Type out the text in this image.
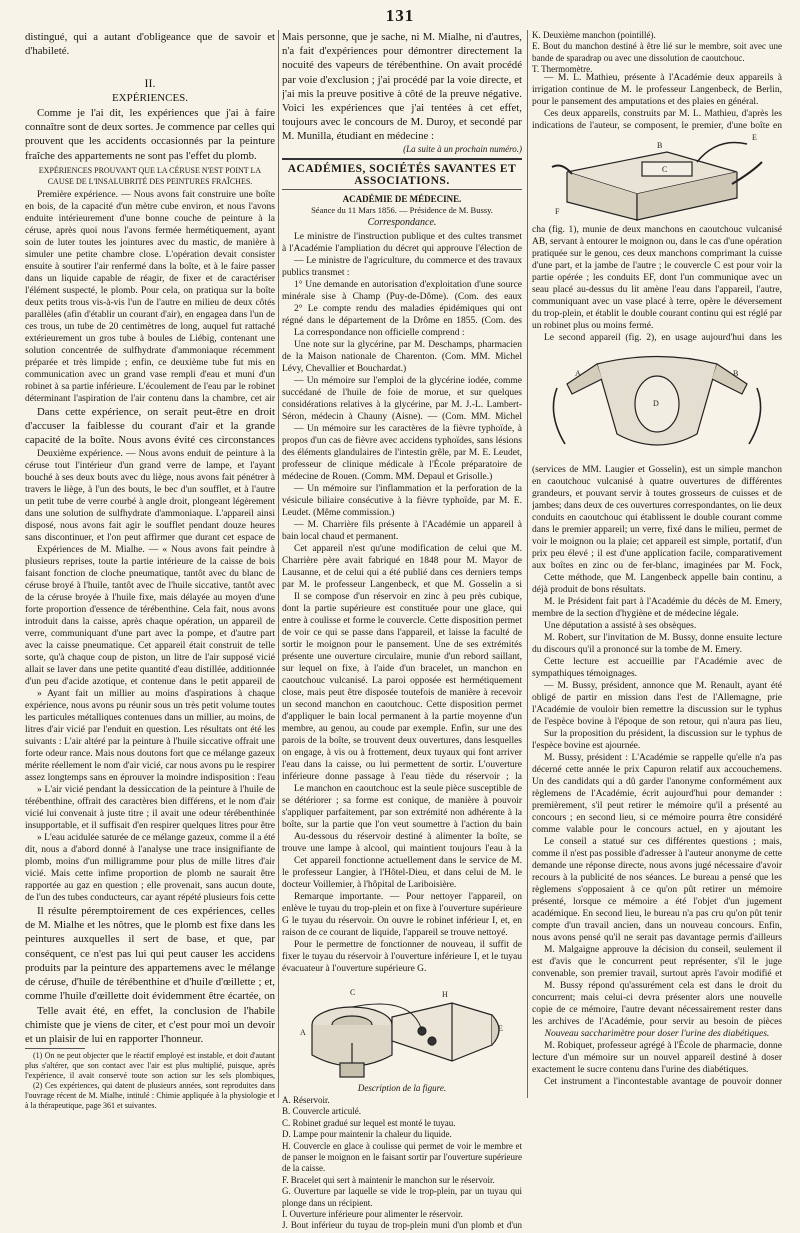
131

distingué, qui a autant d'obligeance que de savoir et d'habileté.

II.
EXPÉRIENCES.

Comme je l'ai dit, les expériences que j'ai à faire connaître sont de deux sortes. Je commence par celles qui prouvent que les accidents occasionnés par la peinture fraîche des appartements ne sont pas l'effet du plomb.

EXPÉRIENCES PROUVANT QUE LA CÉRUSE N'EST POINT LA CAUSE DE L'INSALUBRITÉ DES PEINTURES FRAÎCHES.

Première expérience. — Nous avons fait construire une boîte en bois, de la capacité d'un mètre cube environ, et nous l'avons enduite intérieurement d'une bonne couche de peinture à la céruse, après quoi nous l'avons fermée hermétiquement, ayant soin de luter toutes les jointures avec du mastic, de manière à simuler une petite chambre close. L'opération devait consister ensuite à soutirer l'air renfermé dans la boîte, et à le faire passer dans un liquide capable de réagir, de fixer et de caractériser l'élément suspecté, le plomb. Pour cela, on pratiqua sur la boîte deux petits trous vis-à-vis l'un de l'autre en milieu de deux côtés parallèles (afin d'établir un courant d'air), en engagea dans l'un de ces trous, un tube de 20 centimètres de long, auquel fut rattaché extérieurement un gros tube à boules de Liébig, contenant une solution concentrée de sulfhydrate d'ammoniaque récemment préparée et très limpide ; enfin, ce deuxième tube fut mis en communication avec un grand vase rempli d'eau et muni d'un robinet à sa partie inférieure. L'écoulement de l'eau par le robinet déterminant l'aspiration de l'air contenu dans la chambre, cet air

Dans cette expérience, on serait peut-être en droit d'accuser la faiblesse du courant d'air et la grande capacité de la boîte. Nous avons évité ces circonstances

Deuxième expérience. — Nous avons enduit de peinture à la céruse tout l'intérieur d'un grand verre de lampe, et l'ayant bouché à ses deux bouts avec du liège, nous avons fait pénétrer à travers le liège, à l'un des bouts, le bec d'un soufflet, et à l'autre un petit tube de verre courbé à angle droit, plongeant légèrement dans une solution de sulfhydrate d'ammoniaque. L'appareil ainsi disposé, nous avons fait agir le soufflet pendant douze heures sans discontinuer, et l'on peut affirmer que durant cet espace de

Expériences de M. Mialhe. — « Nous avons fait peindre à plusieurs reprises, toute la partie intérieure de la caisse de bois faisant fonction de cloche pneumatique, tantôt avec du blanc de céruse broyé à l'huile, tantôt avec de l'huile siccative, tantôt avec de la céruse broyée à l'huile fixe, mais délayée au moyen d'une forte proportion d'essence de térébenthine. Cela fait, nous avons introduit dans la caisse, après chaque opération, un appareil de verre, communiquant d'une part avec la pompe, et d'autre part avec la caisse pneumatique. Cet appareil était construit de telle sorte, qu'à chaque coup de piston, un litre de l'air supposé vicié allait se laver dans une petite quantité d'eau distillée, additionnée d'un peu d'acide azotique, et contenue dans le petit appareil de

» Ayant fait un millier au moins d'aspirations à chaque expérience, nous avons pu réunir sous un très petit volume toutes les particules métalliques contenues dans un millier, au moins, de litres d'air vicié par l'enduit en question. Les résultats ont été les suivants : L'air altéré par la peinture à l'huile siccative offrait une forte odeur rance. Mais nous doutons fort que ce mélange gazeux mérite réellement le nom d'air vicié, car nous avons pu le respirer assez longtemps sans en éprouver la moindre indisposition : l'eau

» L'air vicié pendant la dessiccation de la peinture à l'huile de térébenthine, offrait des caractères bien différens, et le nom d'air vicié lui convenait à juste titre ; il avait une odeur térébenthinée insupportable, et il suffisait d'en respirer quelques litres pour être

» L'eau acidulée saturée de ce mélange gazeux, comme il a été dit, nous a d'abord donné à l'analyse une trace insignifiante de plomb, moins d'un milligramme pour plus de mille litres d'air vicié. Mais cette infime proportion de plomb ne saurait être rapportée au gaz en question ; elle provenait, sans aucun doute, de l'un des tubes conducteurs, car ayant répété plusieurs fois cette

Il résulte péremptoirement de ces expériences, celles de M. Mialhe et les nôtres, que le plomb est fixe dans les peintures auxquelles il sert de base, et que, par conséquent, ce n'est pas lui qui peut causer les accidens produits par la peinture des appartemens avec le mélange de céruse, d'huile de térébenthine et d'huile d'œillette ; et, comme l'huile d'œillette doit évidemment être écartée, on

Telle avait été, en effet, la conclusion de l'habile chimiste que je viens de citer, et c'est pour moi un devoir et un plaisir de lui en rapporter l'honneur.

(1) On ne peut objecter que le réactif employé est instable, et doit d'autant plus s'altérer, que son contact avec l'air est plus multiplié, puisque, après l'expérience, il avait conservé toute son action sur les sels plombiques,

(2) Ces expériences, qui datent de plusieurs années, sont reproduites dans l'ouvrage récent de M. Mialhe, intitulé : Chimie appliquée à la physiologie et à la thérapeutique, page 361 et suivantes.

Mais personne, que je sache, ni M. Mialhe, ni d'autres, n'a fait d'expériences pour démontrer directement la nocuité des vapeurs de térébenthine. On avait procédé par voie d'exclusion ; j'ai procédé par la voie directe, et j'ai mis la preuve positive à côté de la preuve négative. Voici les expériences que j'ai tentées à cet effet, toujours avec le concours de M. Duroy, et secondé par M. Munilla, étudiant en médecine :

(La suite à un prochain numéro.)
ACADÉMIES, SOCIÉTÉS SAVANTES ET ASSOCIATIONS.
ACADÉMIE DE MÉDECINE.
Séance du 11 Mars 1856. — Présidence de M. Bussy.
Correspondance.

Le ministre de l'instruction publique et des cultes transmet à l'Académie l'ampliation du décret qui approuve l'élection de

— Le ministre de l'agriculture, du commerce et des travaux publics transmet :

1° Une demande en autorisation d'exploitation d'une source minérale sise à Champ (Puy-de-Dôme). (Com. des eaux

2° Le compte rendu des maladies épidémiques qui ont régné dans le département de la Drôme en 1855. (Com. des

La correspondance non officielle comprend :

Une note sur la glycérine, par M. Deschamps, pharmacien de la Maison nationale de Charenton. (Com. MM. Michel Lévy, Chevallier et Bouchardat.)

— Un mémoire sur l'emploi de la glycérine iodée, comme succédané de l'huile de foie de morue, et sur quelques considérations relatives à la glycérine, par M. J.-L. Lambert-Séron, médecin à Chauny (Aisne). — (Com. MM. Michel

— Un mémoire sur les caractères de la fièvre typhoïde, à propos d'un cas de fièvre avec accidens typhoïdes, sans lésions des éléments glandulaires de l'intestin grêle, par M. E. Leudet, professeur de clinique médicale à l'École préparatoire de médecine de Rouen. (Comm. MM. Depaul et Grisolle.)

— Un mémoire sur l'inflammation et la perforation de la vésicule biliaire consécutive à la fièvre typhoïde, par M. E. Leudet. (Même commission.)

— M. Charrière fils présente à l'Académie un appareil à bain local chaud et permanent.

Cet appareil n'est qu'une modification de celui que M. Charrière père avait fabriqué en 1848 pour M. Mayor de Lausanne, et de celui qui a été publié dans ces derniers temps par M. le professeur Langenbeck, et que M. Gosselin a si

Il se compose d'un réservoir en zinc à peu près cubique, dont la partie supérieure est constituée pour une glace, qui entre à coulisse et forme le couvercle. Cette disposition permet de voir ce qui se passe dans l'appareil, et laisse la faculté de sortir le moignon pour le pansement. Une de ses extrémités présente une ouverture circulaire, munie d'un rebord saillant, sur lequel on fixe, à l'aide d'un bracelet, un manchon en caoutchouc vulcanisé. La paroi opposée est hermétiquement close, mais peut être disposée toutefois de manière à recevoir un second manchon en caoutchouc. Cette disposition permet d'appliquer le bain local permanent à la partie moyenne d'un membre, au genou, au coude par exemple. Enfin, sur une des parois de la boîte, se trouvent deux ouvertures, dans lesquelles on engage, à vis ou à frottement, deux tuyaux qui font arriver l'eau dans la caisse, ou lui permettent de sortir. L'ouverture inférieure donne passage à l'eau tiède du réservoir ; la

Le manchon en caoutchouc est la seule pièce susceptible de se détériorer ; sa forme est conique, de manière à pouvoir s'appliquer parfaitement, par son extrémité non adhérente à la boîte, sur la partie que l'on veut soumettre à l'action du bain

Au-dessous du réservoir destiné à alimenter la boîte, se trouve une lampe à alcool, qui maintient toujours l'eau à la

Cet appareil fonctionne actuellement dans le service de M. le professeur Langier, à l'Hôtel-Dieu, et dans celui de M. le docteur Voillemier, à l'hôpital de Lariboisière.

Remarque importante. — Pour nettoyer l'appareil, on enlève le tuyau du trop-plein et on fixe à l'ouverture supérieure G le tuyau du réservoir. On ouvre le robinet inférieur I, et, en raison de ce courant de liquide, l'appareil se trouve nettoyé.

Pour le permettre de fonctionner de nouveau, il suffit de fixer le tuyau du réservoir à l'ouverture inférieure I, et le tuyau évacuateur à l'ouverture supérieure G.

C	H
E
A
Description de la figure.

A. Réservoir.

B. Couvercle articulé.

C. Robinet gradué sur lequel est monté le tuyau.

D. Lampe pour maintenir la chaleur du liquide.

H. Couvercle en glace à coulisse qui permet de voir le membre et de panser le moignon en le faisant sortir par l'ouverture supérieure de la caisse.

F. Bracelet qui sert à maintenir le manchon sur le réservoir.

G. Ouverture par laquelle se vide le trop-plein, par un tuyau qui plonge dans un récipient.

I. Ouverture inférieure pour alimenter le réservoir.

J. Bout inférieur du tuyau de trop-plein muni d'un plomb et d'un

K. Deuxième manchon (pointillé).

E. Bout du manchon destiné à être lié sur le membre, soit avec une bande de sparadrap ou avec une dissolution de caoutchouc.

T. Thermomètre.

— M. L. Mathieu, présente à l'Académie deux appareils à irrigation continue de M. le professeur Langenbeck, de Berlin, pour le pansement des amputations et des plaies en général.

Ces deux appareils, construits par M. L. Mathieu, d'après les indications de l'auteur, se composent, le premier, d'une boîte en

F
B
E
C

cha (fig. 1), munie de deux manchons en caoutchouc vulcanisé AB, servant à entourer le moignon ou, dans le cas d'une opération pratiquée sur le genou, ces deux manchons comprimant la cuisse d'une part, et la jambe de l'autre ; le couvercle C est pour voir la partie opérée ; les conduits EF, dont l'un communique avec un seau placé au-dessus du lit amène l'eau dans l'appareil, l'autre, communiquant avec un vase placé à terre, opère le déversement du trop-plein, et établit le double courant continu qui est réglé par un robinet plus ou moins fermé.

Le second appareil (fig. 2), en usage aujourd'hui dans les

A	B
D

(services de MM. Laugier et Gosselin), est un simple manchon en caoutchouc vulcanisé à quatre ouvertures de différentes grandeurs, et pouvant servir à toutes grosseurs de cuisses et de jambes; dans deux de ces ouvertures correspondantes, on lie deux conduits en caoutchouc qui établissent le double courant comme dans le premier appareil; un verre, fixé dans le milieu, permet de voir le moignon ou la plaie; cet appareil est simple, portatif, d'un prix peu élevé ; il est d'une application facile, comparativement aux boîtes en zinc ou de fer-blanc, imaginées par M. Fock,

Cette méthode, que M. Langenbeck appelle bain continu, a déjà produit de bons résultats.

M. le Président fait part à l'Académie du décès de M. Emery, membre de la section d'hygiène et de médecine légale.

Une députation a assisté à ses obsèques.

M. Robert, sur l'invitation de M. Bussy, donne ensuite lecture du discours qu'il a prononcé sur la tombe de M. Emery.

Cette lecture est accueillie par l'Académie avec de sympathiques témoignages.

— M. Bussy, président, annonce que M. Renault, ayant été obligé de partir en mission dans l'est de l'Allemagne, prie l'Académie de vouloir bien remettre la discussion sur le typhus de l'espèce bovine à l'époque de son retour, qui n'aura pas lieu,

Sur la proposition du président, la discussion sur le typhus de l'espèce bovine est ajournée.

M. Bussy, président : L'Académie se rappelle qu'elle n'a pas décerné cette année le prix Capuron relatif aux accouchemens. Un des candidats qui a dû garder l'anonyme conformément aux règlemens de l'Académie, écrit aujourd'hui pour demander : premièrement, s'il peut retirer le mémoire qu'il a présenté au concours ; en second lieu, si ce mémoire pourra être considéré comme valable pour le concours actuel, en y ajoutant les

Le conseil a statué sur ces différentes questions ; mais, comme il n'est pas possible d'adresser à l'auteur anonyme de cette demande une réponse directe, nous avons jugé nécessaire d'avoir recours à la publicité de nos séances. Le bureau a pensé que les règlemens s'opposaient à ce qu'on pût retirer un mémoire présenté, lorsque ce mémoire a été l'objet d'un jugement académique. En second lieu, le bureau n'a pas cru qu'on pût tenir compte d'un travail ancien, dans un nouveau concours. Enfin, nous avons pensé qu'il ne serait pas davantage permis d'ailleurs

M. Malgaigne approuve la décision du conseil, seulement il est d'avis que le concurrent peut représenter, s'il le juge convenable, son premier travail, surtout après l'avoir modifié et

M. Bussy répond qu'assurément cela est dans le droit du concurrent; mais celui-ci devra présenter alors une nouvelle copie de ce mémoire, l'autre devant nécessairement rester dans les archives de l'Académie, pour servir au besoin de pièces

Nouveau saccharimètre pour doser l'urine des diabétiques.

M. Robiquet, professeur agrégé à l'École de pharmacie, donne lecture d'un mémoire sur un nouvel appareil destiné à doser exactement le sucre contenu dans l'urine des diabétiques.

Cet instrument a l'incontestable avantage de pouvoir donner
